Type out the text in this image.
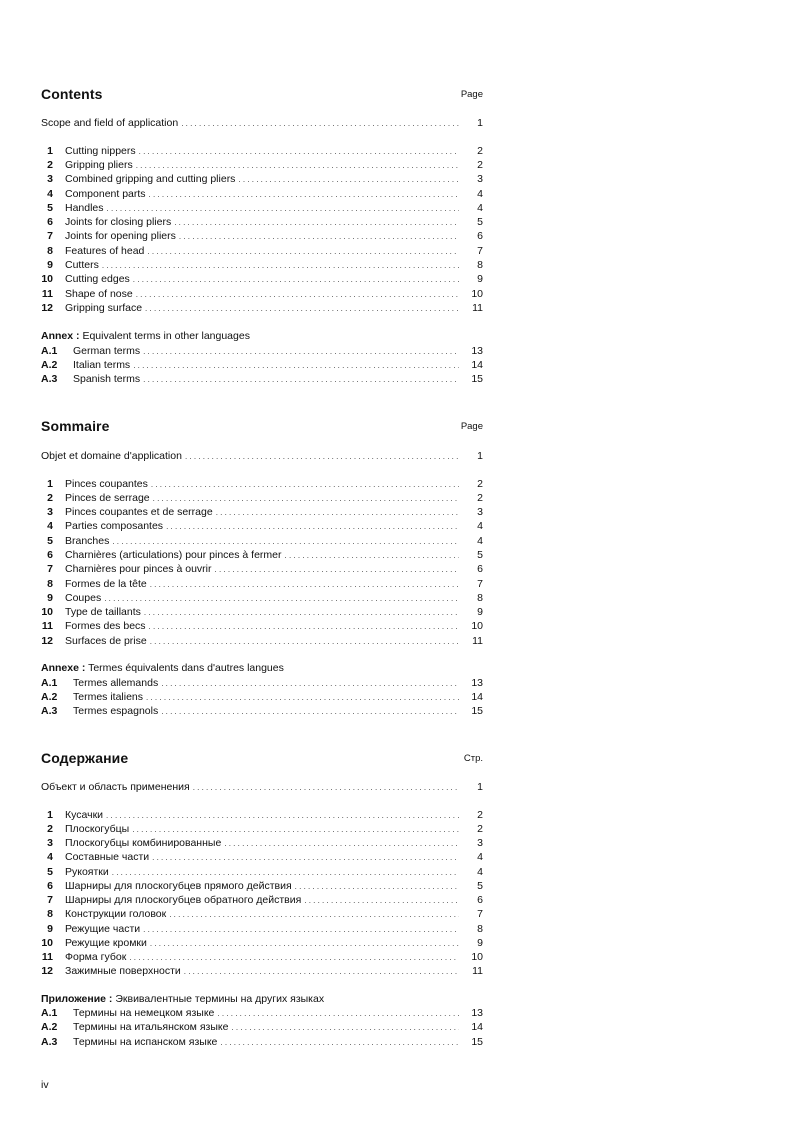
Contents	Page
Scope and field of application . . .	1
1	Cutting nippers . . .	2
2	Gripping pliers . . .	2
3	Combined gripping and cutting pliers . . .	3
4	Component parts . . .	4
5	Handles . . .	4
6	Joints for closing pliers . . .	5
7	Joints for opening pliers . . .	6
8	Features of head . . .	7
9	Cutters . . .	8
10	Cutting edges . . .	9
11	Shape of nose . . .	10
12	Gripping surface . . .	11
Annex : Equivalent terms in other languages
A.1	German terms . . .	13
A.2	Italian terms . . .	14
A.3	Spanish terms . . .	15
Sommaire	Page
Objet et domaine d'application . . .	1
1	Pinces coupantes . . .	2
2	Pinces de serrage . . .	2
3	Pinces coupantes et de serrage . . .	3
4	Parties composantes . . .	4
5	Branches . . .	4
6	Charnières (articulations) pour pinces à fermer . . .	5
7	Charnières pour pinces à ouvrir . . .	6
8	Formes de la tête . . .	7
9	Coupes . . .	8
10	Type de taillants . . .	9
11	Formes des becs . . .	10
12	Surfaces de prise . . .	11
Annexe : Termes équivalents dans d'autres langues
A.1	Termes allemands . . .	13
A.2	Termes italiens . . .	14
A.3	Termes espagnols . . .	15
Содержание	Стр.
Объект и область применения . . .	1
1	Кусачки . . .	2
2	Плоскогубцы . . .	2
3	Плоскогубцы комбинированные . . .	3
4	Составные части . . .	4
5	Рукоятки . . .	4
6	Шарниры для плоскогубцев прямого действия . . .	5
7	Шарниры для плоскогубцев обратного действия . . .	6
8	Конструкции головок . . .	7
9	Режущие части . . .	8
10	Режущие кромки . . .	9
11	Форма губок . . .	10
12	Зажимные поверхности . . .	11
Приложение : Эквивалентные термины на других языках
A.1	Термины на немецком языке . . .	13
A.2	Термины на итальянском языке . . .	14
A.3	Термины на испанском языке . . .	15
iv
